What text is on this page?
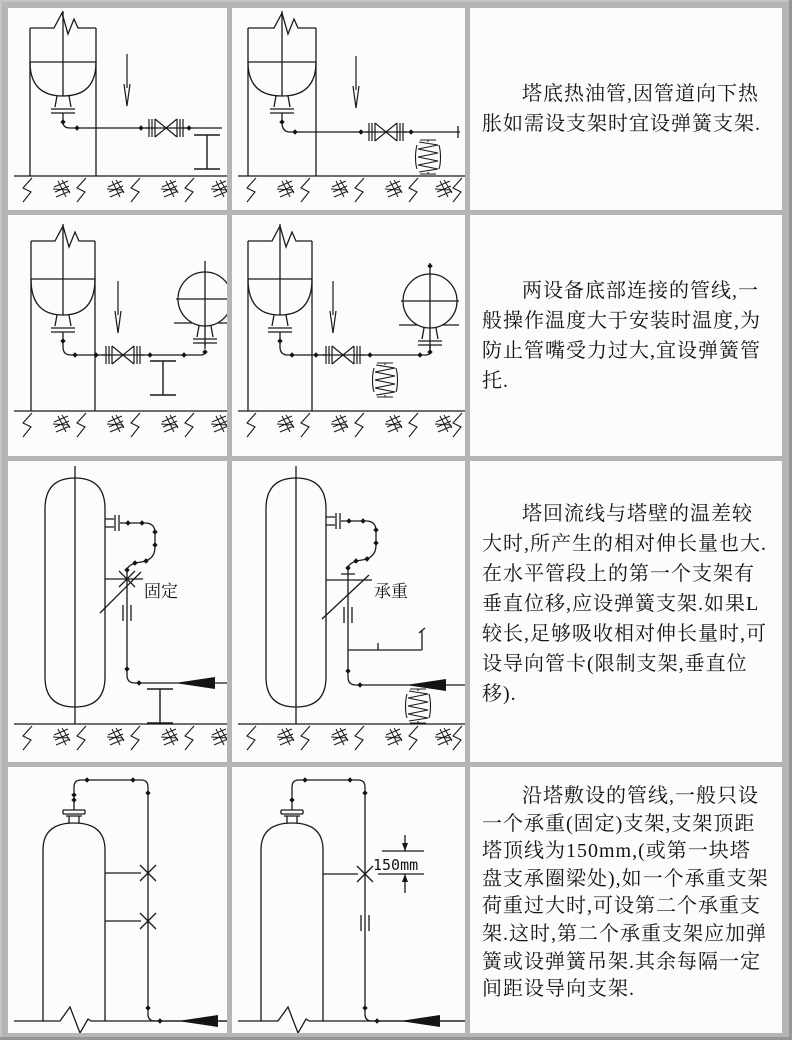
塔底热油管,因管道向下热胀如需设支架时宜设弹簧支架.

两设备底部连接的管线,一般操作温度大于安装时温度,为防止管嘴受力过大,宜设弹簧管托.

固定	承重

塔回流线与塔壁的温差较大时,所产生的相对伸长量也大.在水平管段上的第一个支架有垂直位移,应设弹簧支架.如果L较长,足够吸收相对伸长量时,可设导向管卡(限制支架,垂直位移).

150mm

沿塔敷设的管线,一般只设一个承重(固定)支架,支架顶距塔顶线为150mm,(或第一块塔盘支承圈梁处),如一个承重支架荷重过大时,可设第二个承重支架.这时,第二个承重支架应加弹簧或设弹簧吊架.其余每隔一定间距设导向支架.
